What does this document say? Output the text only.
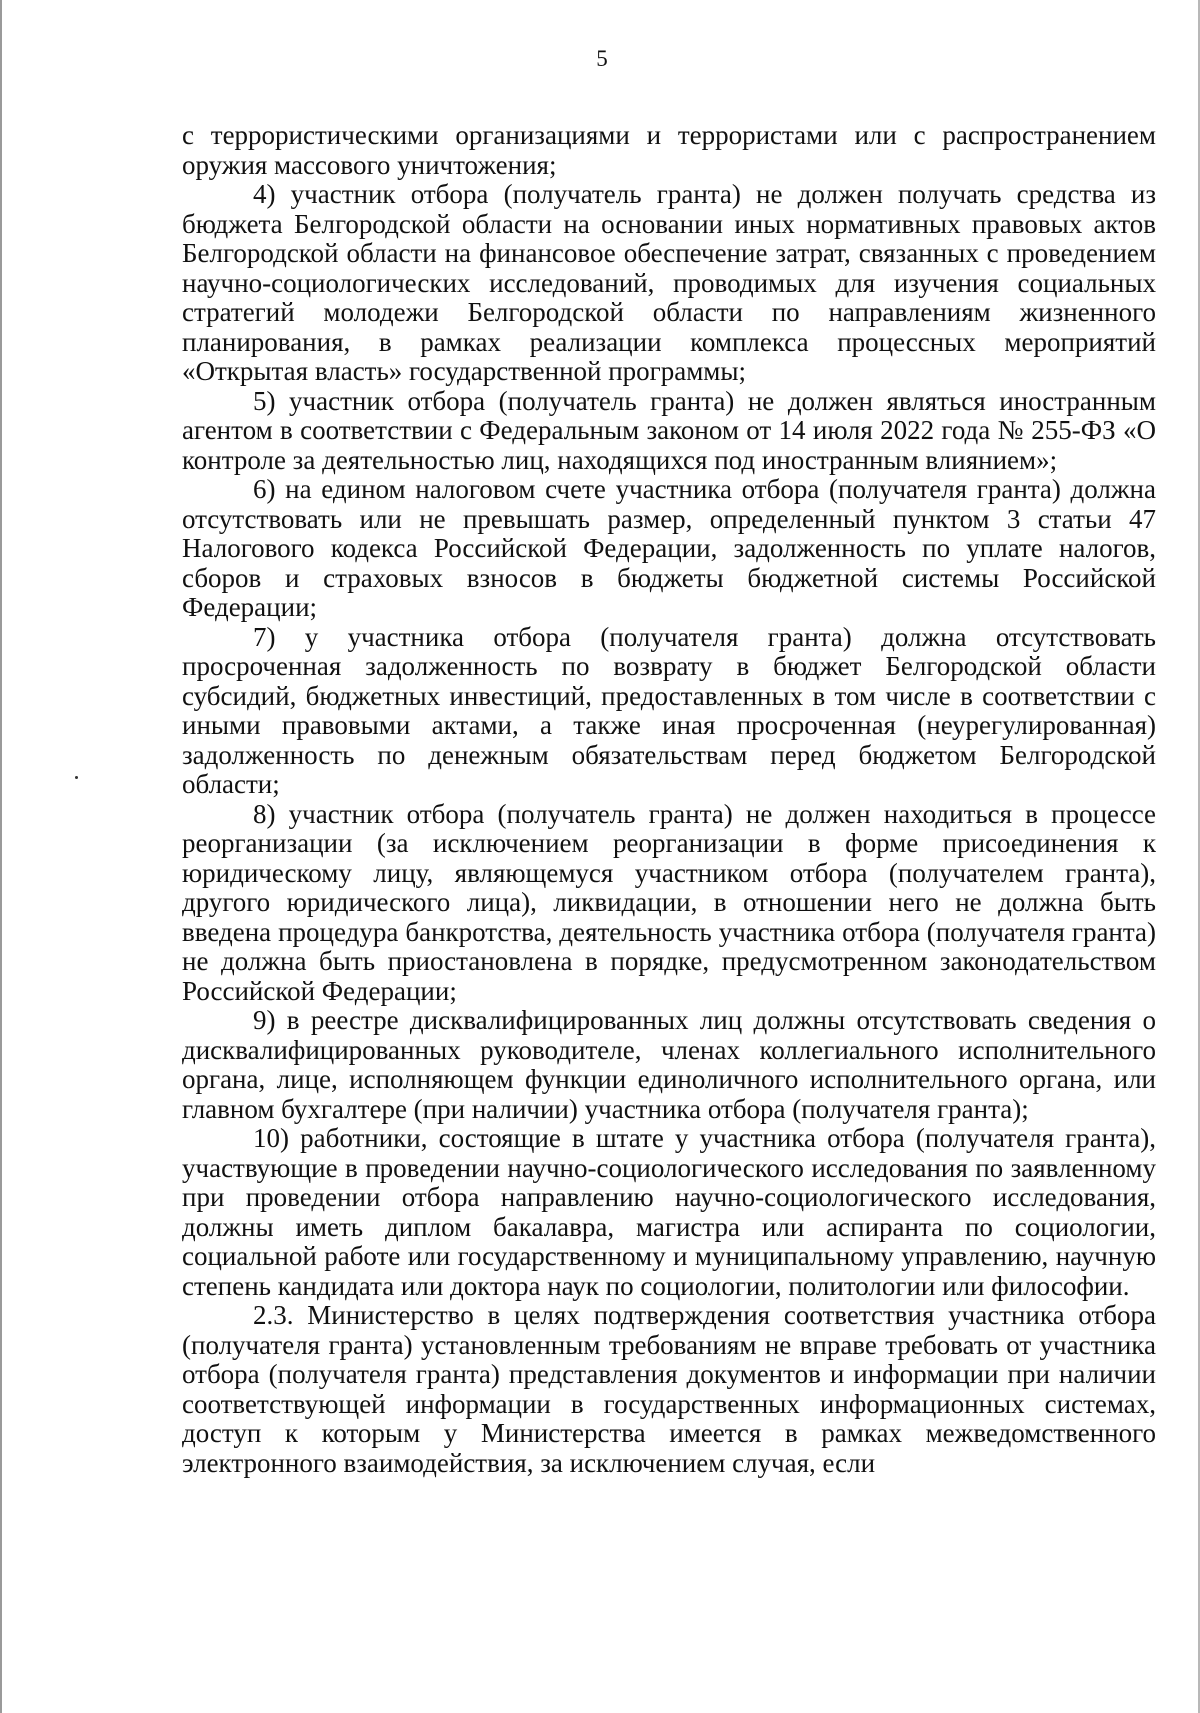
5

с террористическими организациями и террористами или с распространением оружия массового уничтожения;

4) участник отбора (получатель гранта) не должен получать средства из бюджета Белгородской области на основании иных нормативных правовых актов Белгородской области на финансовое обеспечение затрат, связанных с проведением научно-социологических исследований, проводимых для изучения социальных стратегий молодежи Белгородской области по направлениям жизненного планирования, в рамках реализации комплекса процессных мероприятий «Открытая власть» государственной программы;

5) участник отбора (получатель гранта) не должен являться иностранным агентом в соответствии с Федеральным законом от 14 июля 2022 года № 255-ФЗ «О контроле за деятельностью лиц, находящихся под иностранным влиянием»;

6) на едином налоговом счете участника отбора (получателя гранта) должна отсутствовать или не превышать размер, определенный пунктом 3 статьи 47 Налогового кодекса Российской Федерации, задолженность по уплате налогов, сборов и страховых взносов в бюджеты бюджетной системы Российской Федерации;

7) у участника отбора (получателя гранта) должна отсутствовать просроченная задолженность по возврату в бюджет Белгородской области субсидий, бюджетных инвестиций, предоставленных в том числе в соответствии с иными правовыми актами, а также иная просроченная (неурегулированная) задолженность по денежным обязательствам перед бюджетом Белгородской области;

8) участник отбора (получатель гранта) не должен находиться в процессе реорганизации (за исключением реорганизации в форме присоединения к юридическому лицу, являющемуся участником отбора (получателем гранта), другого юридического лица), ликвидации, в отношении него не должна быть введена процедура банкротства, деятельность участника отбора (получателя гранта) не должна быть приостановлена в порядке, предусмотренном законодательством Российской Федерации;

9) в реестре дисквалифицированных лиц должны отсутствовать сведения о дисквалифицированных руководителе, членах коллегиального исполнительного органа, лице, исполняющем функции единоличного исполнительного органа, или главном бухгалтере (при наличии) участника отбора (получателя гранта);

10) работники, состоящие в штате у участника отбора (получателя гранта), участвующие в проведении научно-социологического исследования по заявленному при проведении отбора направлению научно-социологического исследования, должны иметь диплом бакалавра, магистра или аспиранта по социологии, социальной работе или государственному и муниципальному управлению, научную степень кандидата или доктора наук по социологии, политологии или философии.

2.3. Министерство в целях подтверждения соответствия участника отбора (получателя гранта) установленным требованиям не вправе требовать от участника отбора (получателя гранта) представления документов и информации при наличии соответствующей информации в государственных информационных системах, доступ к которым у Министерства имеется в рамках межведомственного электронного взаимодействия, за исключением случая, если
